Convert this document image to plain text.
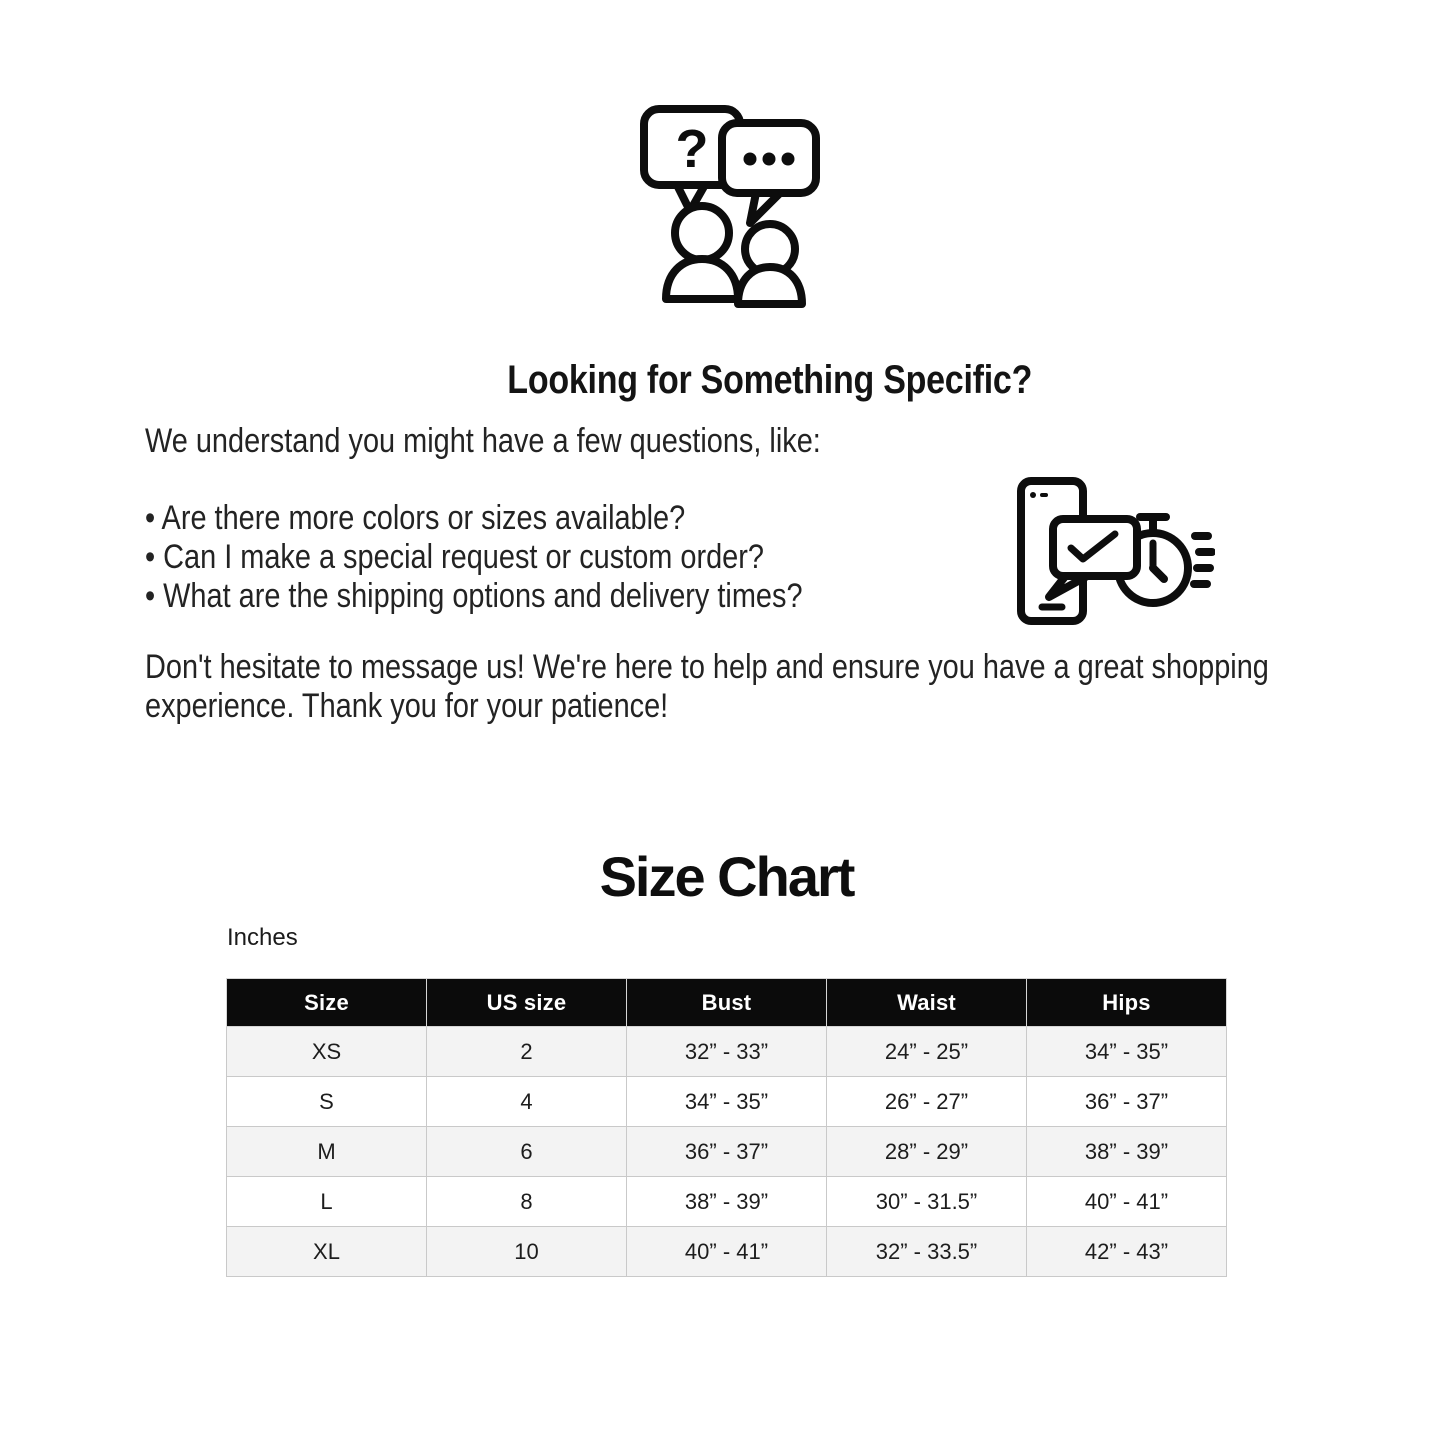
?
Looking for Something Specific?
We understand you might have a few questions, like:
• Are there more colors or sizes available?
• Can I make a special request or custom order?
• What are the shipping options and delivery times?
Don't hesitate to message us! We're here to help and ensure you have a great shopping
experience. Thank you for your patience!
Size Chart
Inches
Size	US size	Bust	Waist	Hips
XS	2	32” - 33”	24” - 25”	34” - 35”
S	4	34” - 35”	26” - 27”	36” - 37”
M	6	36” - 37”	28” - 29”	38” - 39”
L	8	38” - 39”	30” - 31.5”	40” - 41”
XL	10	40” - 41”	32” - 33.5”	42” - 43”
